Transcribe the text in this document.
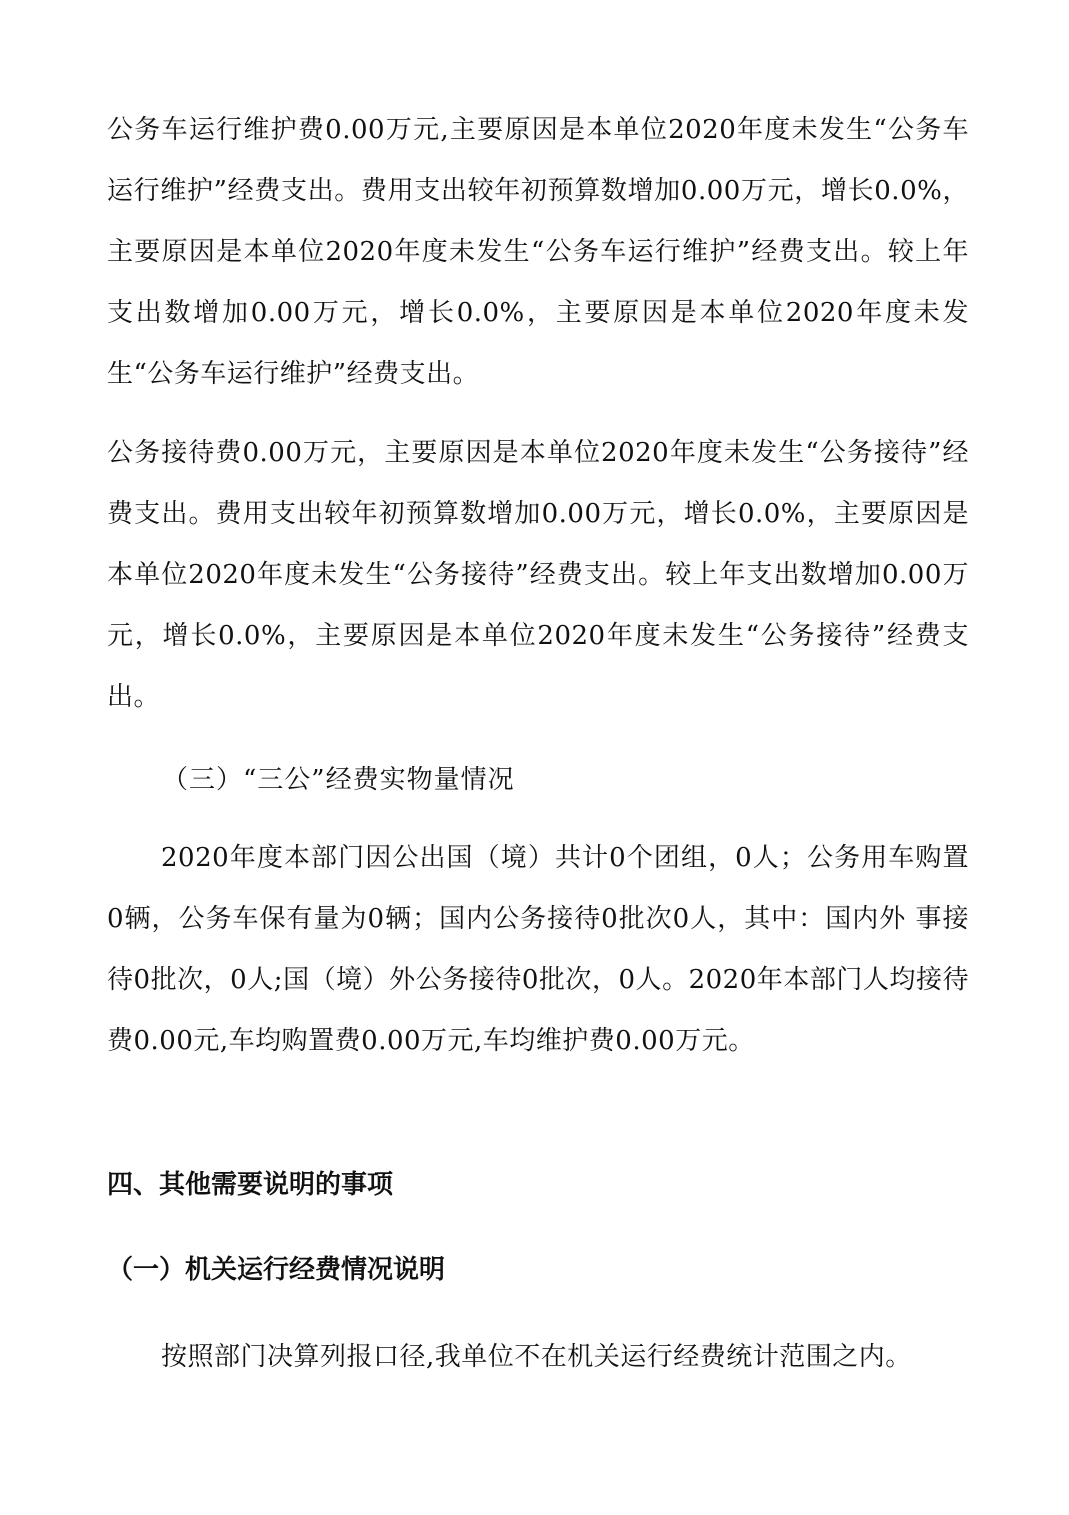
公务车运行维护费0.00万元,主要原因是本单位2020年度未发生“公务车运行维护”经费支出。费用支出较年初预算数增加0.00万元，增长0.0%，主要原因是本单位2020年度未发生“公务车运行维护”经费支出。较上年支出数增加0.00万元，增长0.0%，主要原因是本单位2020年度未发生“公务车运行维护”经费支出。

公务接待费0.00万元，主要原因是本单位2020年度未发生“公务接待”经费支出。费用支出较年初预算数增加0.00万元，增长0.0%，主要原因是本单位2020年度未发生“公务接待”经费支出。较上年支出数增加0.00万元，增长0.0%，主要原因是本单位2020年度未发生“公务接待”经费支出。

（三）“三公”经费实物量情况

2020年度本部门因公出国（境）共计0个团组，0人；公务用车购置0辆，公务车保有量为0辆；国内公务接待0批次0人，其中：国内外 事接待0批次，0人;国（境）外公务接待0批次，0人。2020年本部门人均接待费0.00元,车均购置费0.00万元,车均维护费0.00万元。

四、其他需要说明的事项
（一）机关运行经费情况说明

按照部门决算列报口径,我单位不在机关运行经费统计范围之内。
